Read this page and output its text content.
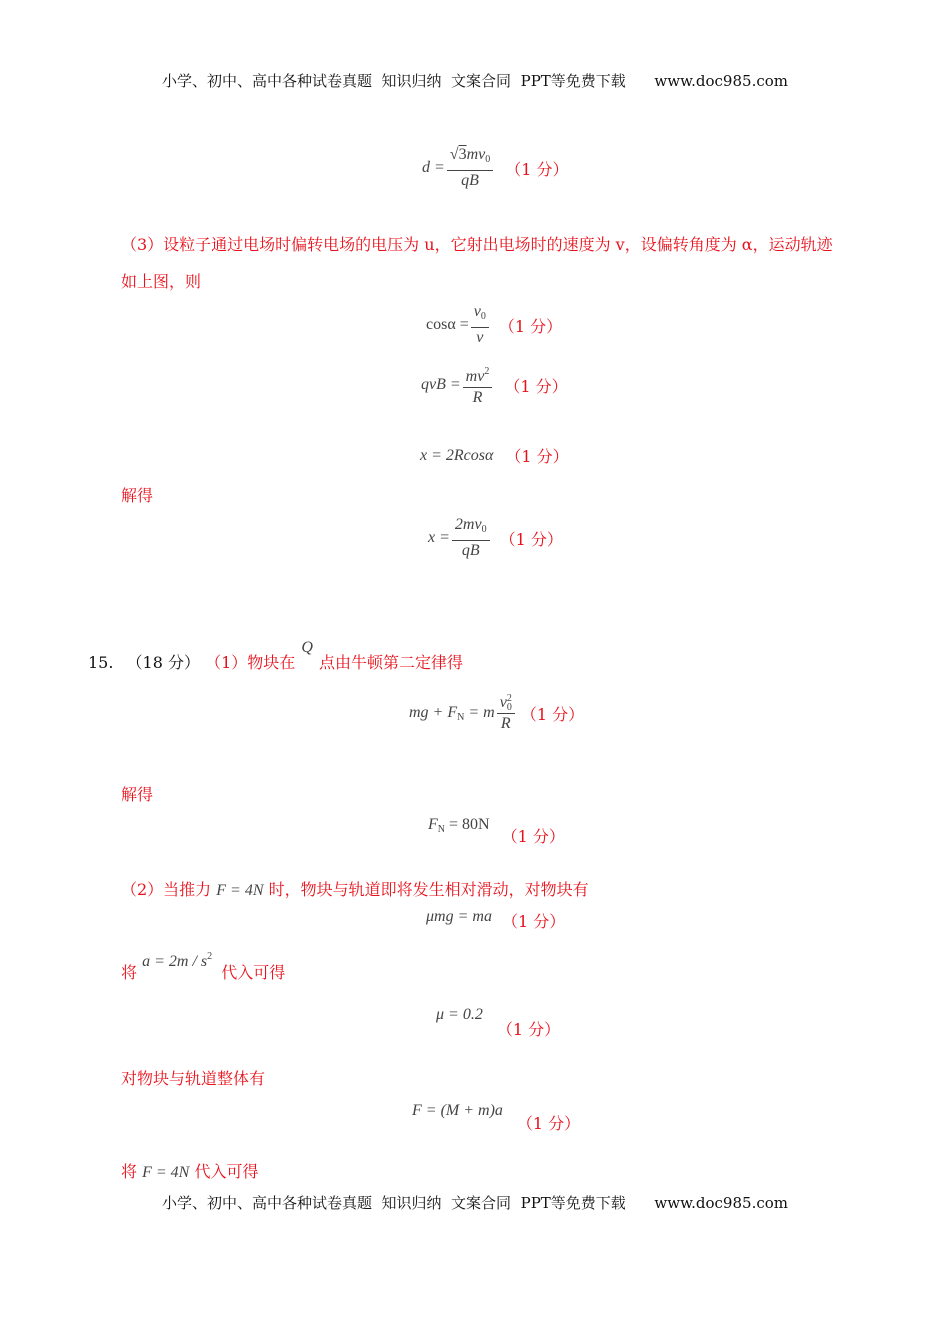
小学、初中、高中各种试卷真题  知识归纳  文案合同  PPT等免费下载      www.doc985.com
$d = \frac{√3mv_0}{qB} (1$ 分）
（3）设粒子通过电场时偏转电场的电压为 u，它射出电场时的速度为 v，设偏转角度为 α，运动轨迹
如上图，则
$\cos\alpha = \frac{v_0}{v} (1$ 分）
qvB = $\frac{mv^2}{R} (1$ 分）
x = 2Rcosα （1 分）
解得
$x = \frac{2mv_0}{qB} (1$ 分）
15. （18 分） （1）物块在 Q 点由牛顿第二定律得
mg + $F_N = m$ v 2
0
R （1 分）
解得
$F_N = 80N$
（1 分）
（2）当推力 F = 4N 时，物块与轨道即将发生相对滑动，对物块有
μmg = ma （1 分）
将 $a = 2m / s^2$ 代入可得
μ = 0.2
（1 分）
对物块与轨道整体有
F = (M + m)a
（1 分）
将 F = 4N 代入可得
小学、初中、高中各种试卷真题  知识归纳  文案合同  PPT等免费下载      www.doc985.com
